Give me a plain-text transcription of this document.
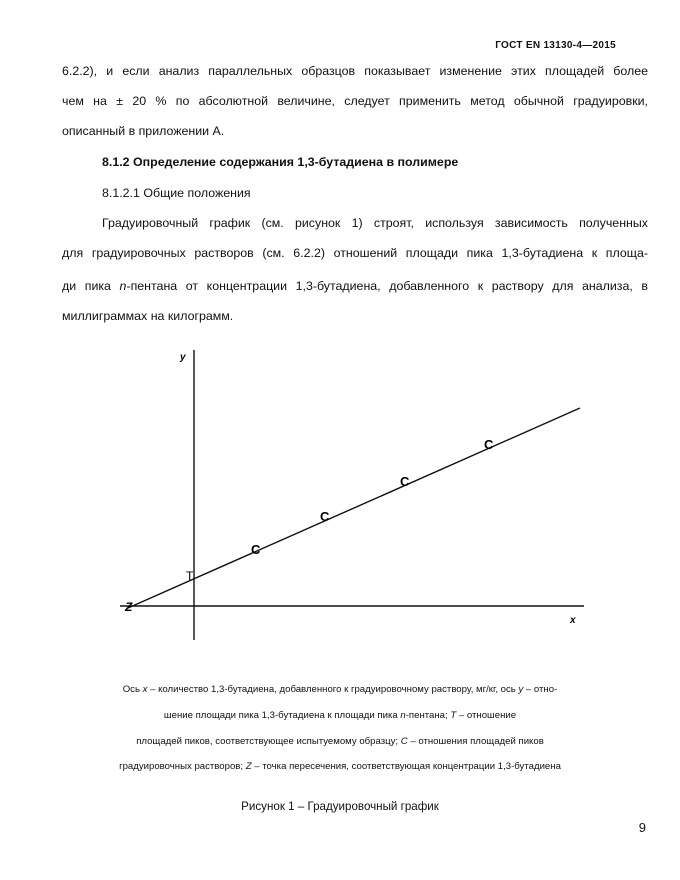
ГОСТ EN 13130-4—2015
6.2.2), и если анализ параллельных образцов показывает изменение этих площадей более
чем на ± 20 % по абсолютной величине, следует применить метод обычной градуировки,
описанный в приложении А.
8.1.2 Определение содержания 1,3-бутадиена в полимере
8.1.2.1 Общие положения
Градуировочный график (см. рисунок 1) строят, используя зависимость полученных
для градуировочных растворов (см. 6.2.2) отношений площади пика 1,3-бутадиена к площа-
ди пика n-пентана от концентрации 1,3-бутадиена, добавленного к раствору для анализа, в
миллиграммах на килограмм.
y
x
Z
T
C
C
C
C
Ось x – количество 1,3-бутадиена, добавленного к градуировочному раствору, мг/кг, ось y – отно-
шение площади пика 1,3-бутадиена к площади пика n-пентана; T – отношение
площадей пиков, соответствующее испытуемому образцу; C – отношения площадей пиков
градуировочных растворов; Z – точка пересечения, соответствующая концентрации 1,3-бутадиена
Рисунок 1 – Градуировочный график
9
